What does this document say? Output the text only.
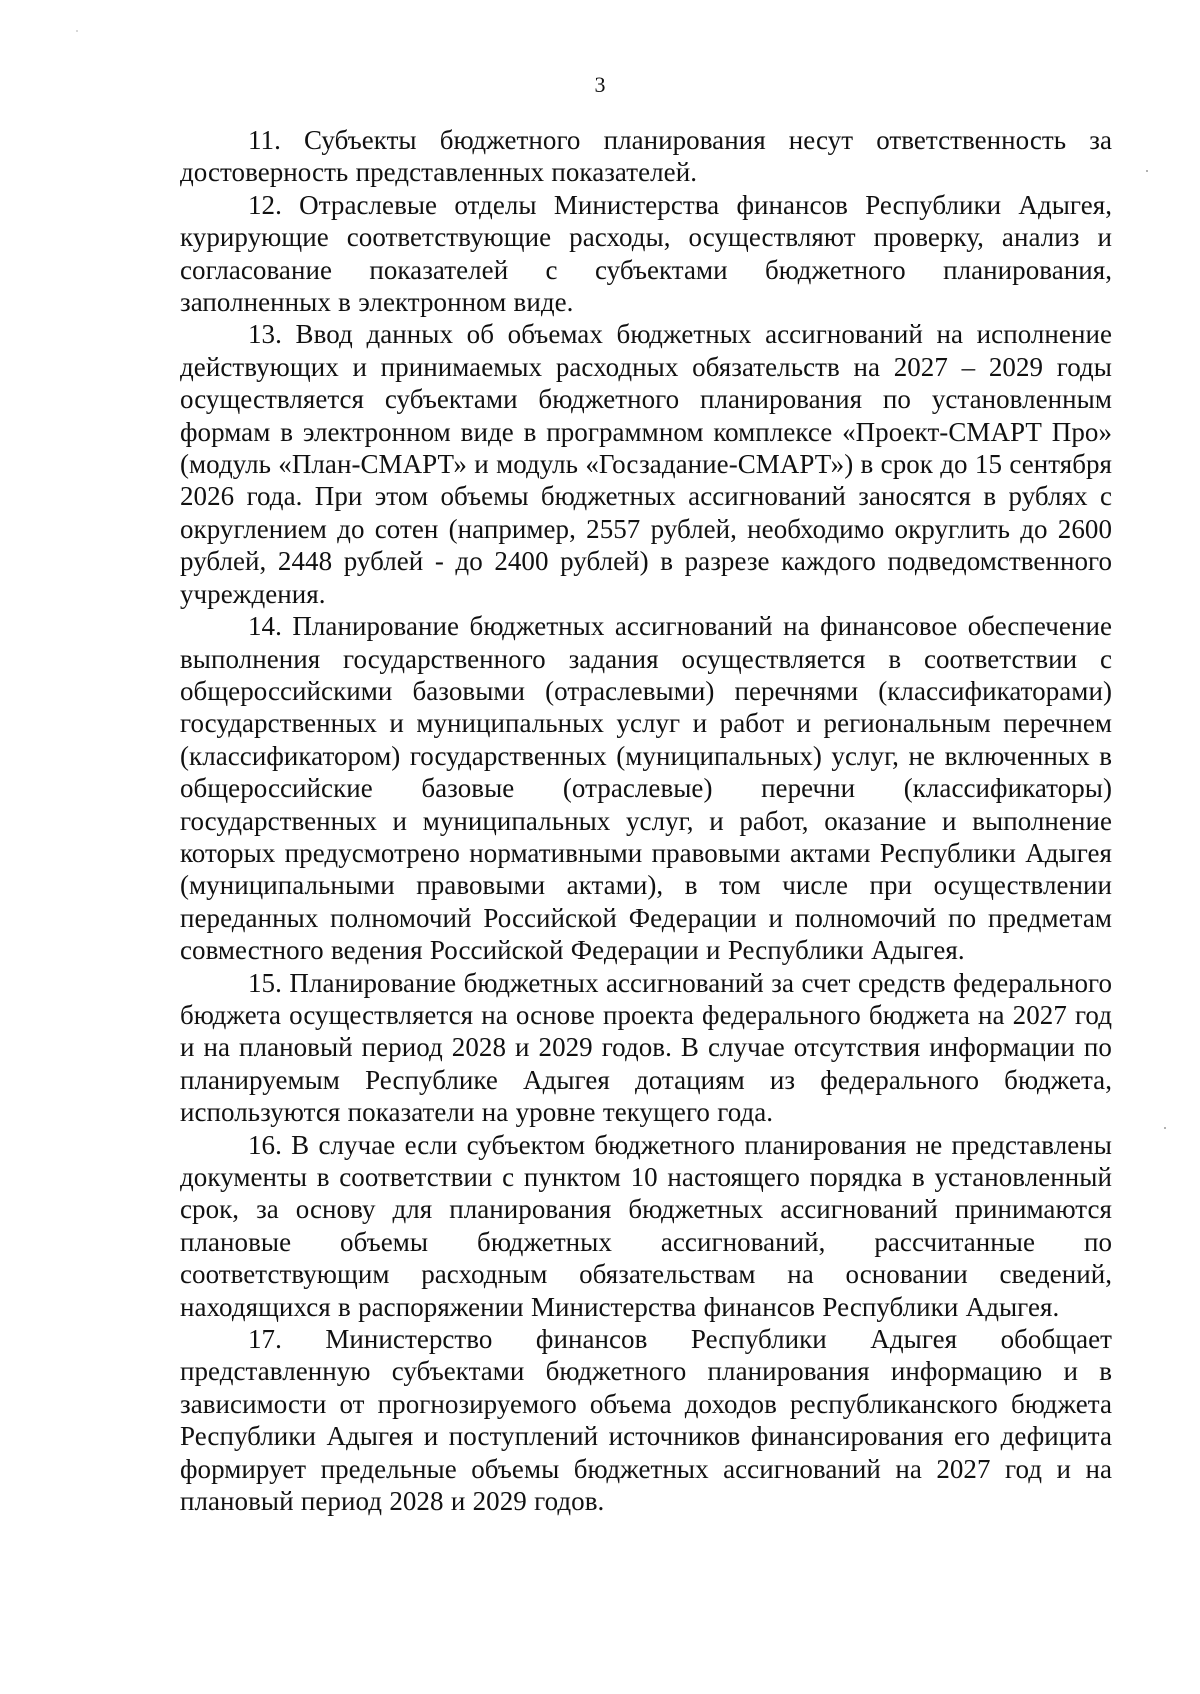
3

11. Субъекты бюджетного планирования несут ответственность за достоверность представленных показателей.

12. Отраслевые отделы Министерства финансов Республики Адыгея, курирующие соответствующие расходы, осуществляют проверку, анализ и согласование показателей с субъектами бюджетного планирования, заполненных в электронном виде.

13. Ввод данных об объемах бюджетных ассигнований на исполнение действующих и принимаемых расходных обязательств на 2027 – 2029 годы осуществляется субъектами бюджетного планирования по установленным формам в электронном виде в программном комплексе «Проект-СМАРТ Про» (модуль «План-СМАРТ» и модуль «Госзадание-СМАРТ») в срок до 15 сентября 2026 года. При этом объемы бюджетных ассигнований заносятся в рублях с округлением до сотен (например, 2557 рублей, необходимо округлить до 2600 рублей, 2448 рублей - до 2400 рублей) в разрезе каждого подведомственного учреждения.

14. Планирование бюджетных ассигнований на финансовое обеспечение выполнения государственного задания осуществляется в соответствии с общероссийскими базовыми (отраслевыми) перечнями (классификаторами) государственных и муниципальных услуг и работ и региональным перечнем (классификатором) государственных (муниципальных) услуг, не включенных в общероссийские базовые (отраслевые) перечни (классификаторы) государственных и муниципальных услуг, и работ, оказание и выполнение которых предусмотрено нормативными правовыми актами Республики Адыгея (муниципальными правовыми актами), в том числе при осуществлении переданных полномочий Российской Федерации и полномочий по предметам совместного ведения Российской Федерации и Республики Адыгея.

15. Планирование бюджетных ассигнований за счет средств федерального бюджета осуществляется на основе проекта федерального бюджета на 2027 год и на плановый период 2028 и 2029 годов. В случае отсутствия информации по планируемым Республике Адыгея дотациям из федерального бюджета, используются показатели на уровне текущего года.

16. В случае если субъектом бюджетного планирования не представлены документы в соответствии с пунктом 10 настоящего порядка в установленный срок, за основу для планирования бюджетных ассигнований принимаются плановые объемы бюджетных ассигнований, рассчитанные по соответствующим расходным обязательствам на основании сведений, находящихся в распоряжении Министерства финансов Республики Адыгея.

17. Министерство финансов Республики Адыгея обобщает представленную субъектами бюджетного планирования информацию и в зависимости от прогнозируемого объема доходов республиканского бюджета Республики Адыгея и поступлений источников финансирования его дефицита формирует предельные объемы бюджетных ассигнований на 2027 год и на плановый период 2028 и 2029 годов.
